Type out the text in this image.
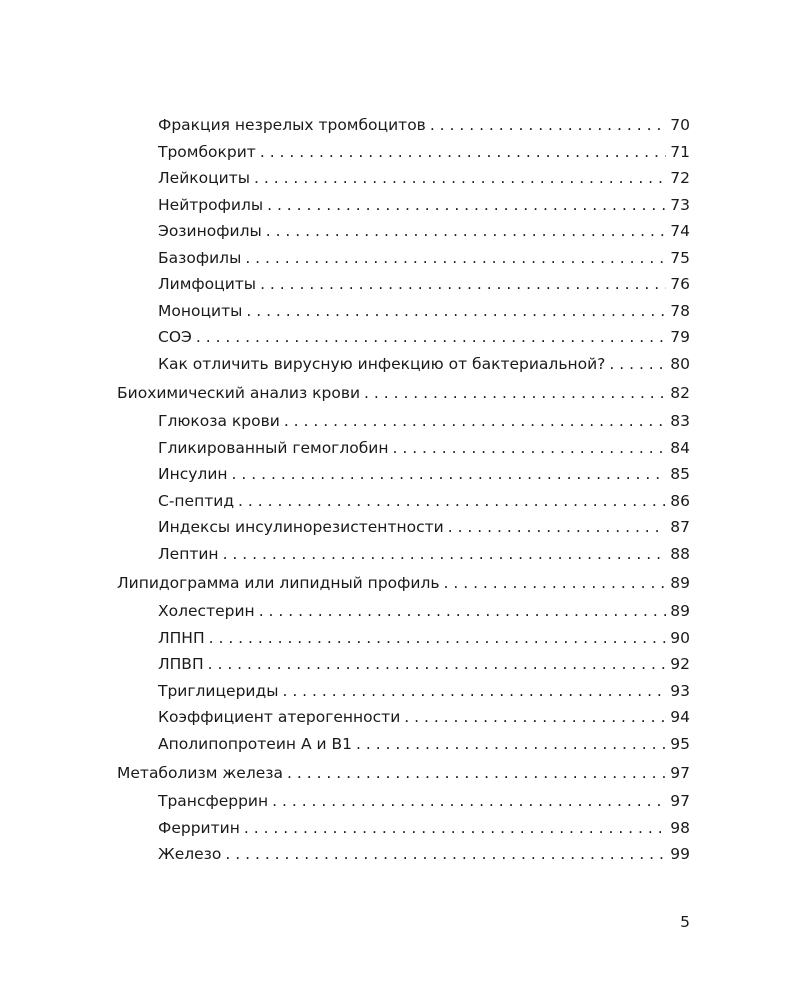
Фракция незрелых тромбоцитов . . .	70
Тромбокрит . . .	71
Лейкоциты . . .	72
Нейтрофилы . . .	73
Эозинофилы . . .	74
Базофилы . . .	75
Лимфоциты . . .	76
Моноциты . . .	78
СОЭ . . .	79
Как отличить вирусную инфекцию от бактериальной? . . .	80
Биохимический анализ крови . . .	82
Глюкоза крови . . .	83
Гликированный гемоглобин . . .	84
Инсулин . . .	85
С-пептид . . .	86
Индексы инсулинорезистентности . . .	87
Лептин . . .	88
Липидограмма или липидный профиль . . .	89
Холестерин . . .	89
ЛПНП . . .	90
ЛПВП . . .	92
Триглицериды . . .	93
Коэффициент атерогенности . . .	94
Аполипопротеин А и В1 . . .	95
Метаболизм железа . . .	97
Трансферрин . . .	97
Ферритин . . .	98
Железо . . .	99
5
